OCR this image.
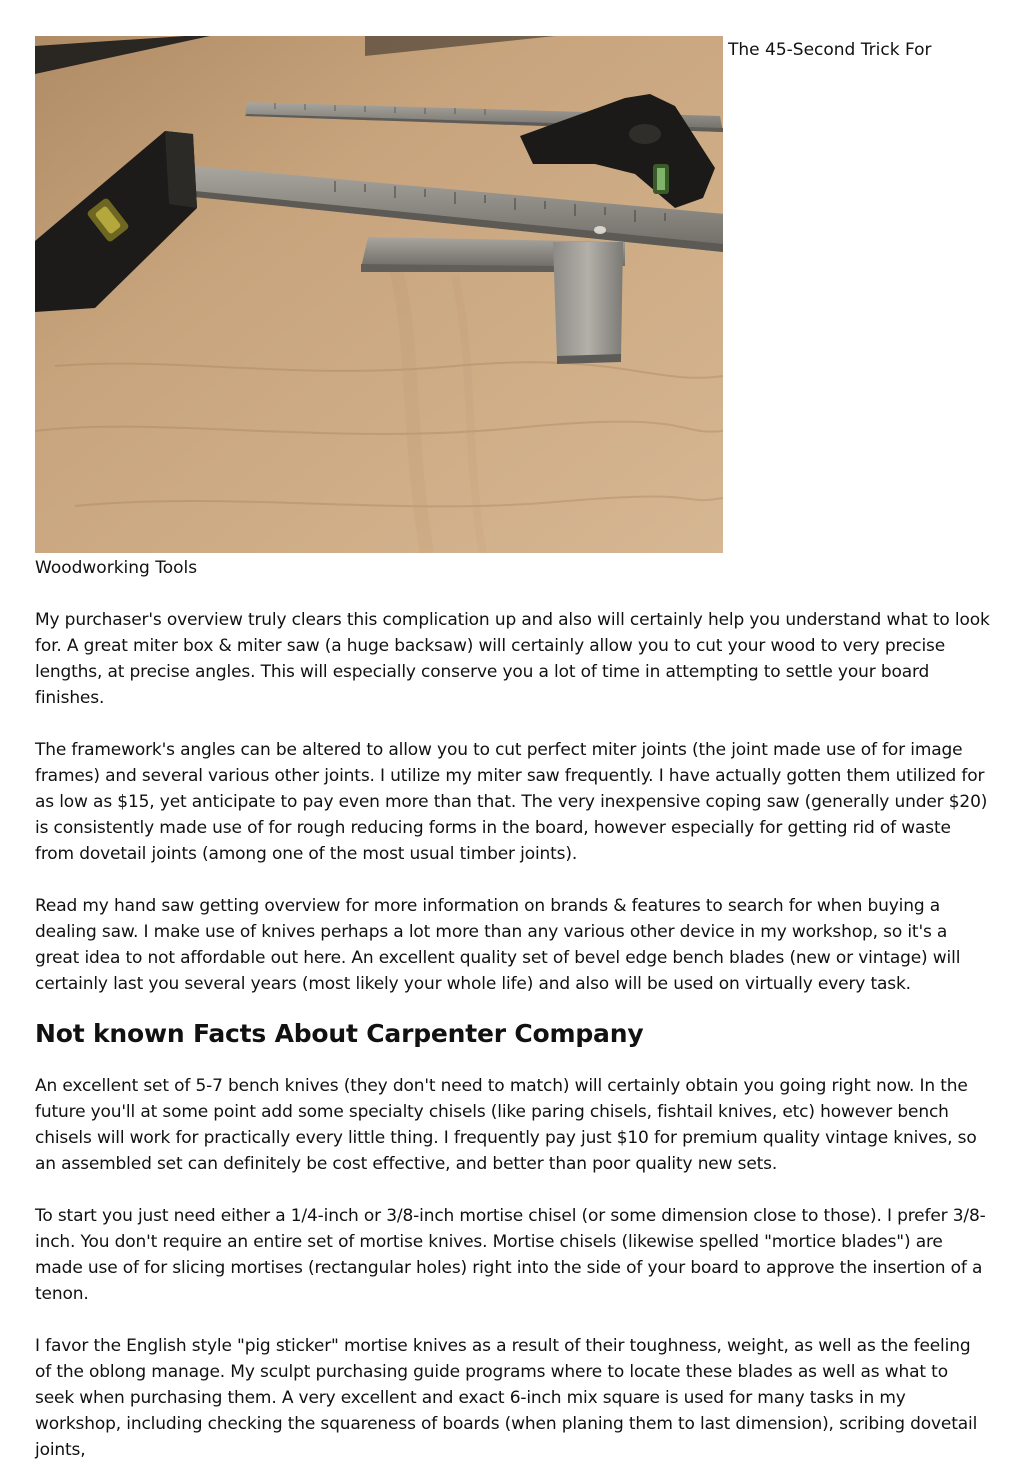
The 45-Second Trick For

Woodworking Tools

My purchaser's overview truly clears this complication up and also will certainly help you understand what to look for. A great miter box & miter saw (a huge backsaw) will certainly allow you to cut your wood to very precise lengths, at precise angles. This will especially conserve you a lot of time in attempting to settle your board finishes.

The framework's angles can be altered to allow you to cut perfect miter joints (the joint made use of for image frames) and several various other joints. I utilize my miter saw frequently. I have actually gotten them utilized for as low as $15, yet anticipate to pay even more than that. The very inexpensive coping saw (generally under $20) is consistently made use of for rough reducing forms in the board, however especially for getting rid of waste from dovetail joints (among one of the most usual timber joints).

Read my hand saw getting overview for more information on brands & features to search for when buying a dealing saw. I make use of knives perhaps a lot more than any various other device in my workshop, so it's a great idea to not affordable out here. An excellent quality set of bevel edge bench blades (new or vintage) will certainly last you several years (most likely your whole life) and also will be used on virtually every task.

Not known Facts About Carpenter Company

An excellent set of 5-7 bench knives (they don't need to match) will certainly obtain you going right now. In the future you'll at some point add some specialty chisels (like paring chisels, fishtail knives, etc) however bench chisels will work for practically every little thing. I frequently pay just $10 for premium quality vintage knives, so an assembled set can definitely be cost effective, and better than poor quality new sets.

To start you just need either a 1/4-inch or 3/8-inch mortise chisel (or some dimension close to those). I prefer 3/8-inch. You don't require an entire set of mortise knives. Mortise chisels (likewise spelled "mortice blades") are made use of for slicing mortises (rectangular holes) right into the side of your board to approve the insertion of a tenon.

I favor the English style "pig sticker" mortise knives as a result of their toughness, weight, as well as the feeling of the oblong manage. My sculpt purchasing guide programs where to locate these blades as well as what to seek when purchasing them. A very excellent and exact 6-inch mix square is used for many tasks in my workshop, including checking the squareness of boards (when planing them to last dimension), scribing dovetail joints,
